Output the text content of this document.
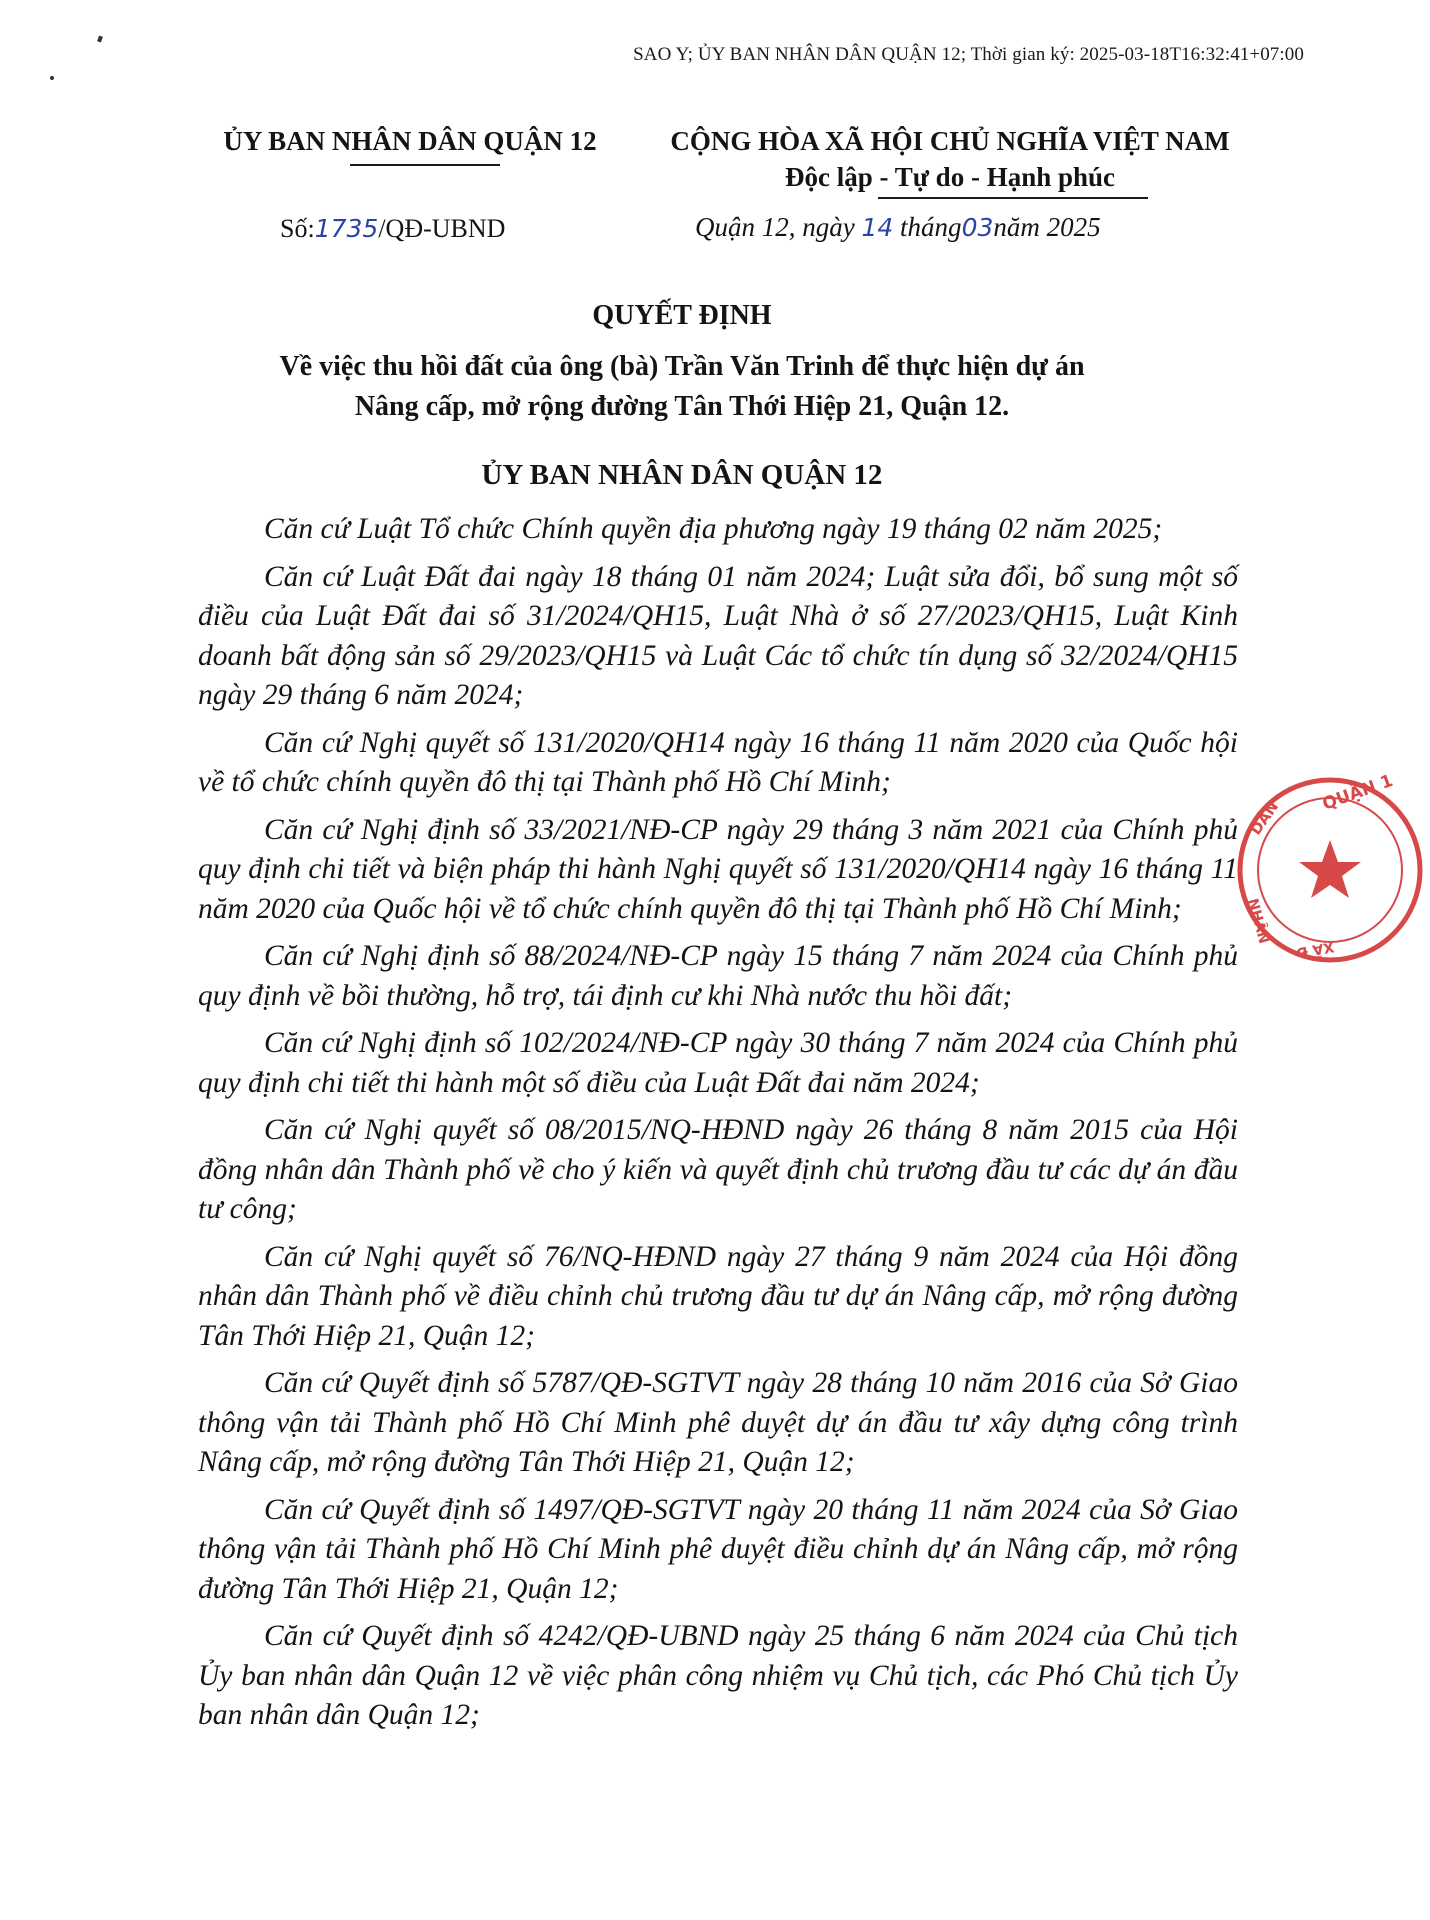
SAO Y; ỦY BAN NHÂN DÂN QUẬN 12; Thời gian ký: 2025-03-18T16:32:41+07:00
ỦY BAN NHÂN DÂN QUẬN 12	CỘNG HÒA XÃ HỘI CHỦ NGHĨA VIỆT NAM
Độc lập - Tự do - Hạnh phúc
Số:1735/QĐ-UBND	Quận 12, ngày 14 tháng03năm 2025
QUYẾT ĐỊNH
Về việc thu hồi đất của ông (bà) Trần Văn Trinh để thực hiện dự án
Nâng cấp, mở rộng đường Tân Thới Hiệp 21, Quận 12.
ỦY BAN NHÂN DÂN QUẬN 12

Căn cứ Luật Tổ chức Chính quyền địa phương ngày 19 tháng 02 năm 2025;

Căn cứ Luật Đất đai ngày 18 tháng 01 năm 2024; Luật sửa đổi, bổ sung một số điều của Luật Đất đai số 31/2024/QH15, Luật Nhà ở số 27/2023/QH15, Luật Kinh doanh bất động sản số 29/2023/QH15 và Luật Các tổ chức tín dụng số 32/2024/QH15 ngày 29 tháng 6 năm 2024;

Căn cứ Nghị quyết số 131/2020/QH14 ngày 16 tháng 11 năm 2020 của Quốc hội về tổ chức chính quyền đô thị tại Thành phố Hồ Chí Minh;

Căn cứ Nghị định số 33/2021/NĐ-CP ngày 29 tháng 3 năm 2021 của Chính phủ quy định chi tiết và biện pháp thi hành Nghị quyết số 131/2020/QH14 ngày 16 tháng 11 năm 2020 của Quốc hội về tổ chức chính quyền đô thị tại Thành phố Hồ Chí Minh;

Căn cứ Nghị định số 88/2024/NĐ-CP ngày 15 tháng 7 năm 2024 của Chính phủ quy định về bồi thường, hỗ trợ, tái định cư khi Nhà nước thu hồi đất;

Căn cứ Nghị định số 102/2024/NĐ-CP ngày 30 tháng 7 năm 2024 của Chính phủ quy định chi tiết thi hành một số điều của Luật Đất đai năm 2024;

Căn cứ Nghị quyết số 08/2015/NQ-HĐND ngày 26 tháng 8 năm 2015 của Hội đồng nhân dân Thành phố về cho ý kiến và quyết định chủ trương đầu tư các dự án đầu tư công;

Căn cứ Nghị quyết số 76/NQ-HĐND ngày 27 tháng 9 năm 2024 của Hội đồng nhân dân Thành phố về điều chỉnh chủ trương đầu tư dự án Nâng cấp, mở rộng đường Tân Thới Hiệp 21, Quận 12;

Căn cứ Quyết định số 5787/QĐ-SGTVT ngày 28 tháng 10 năm 2016 của Sở Giao thông vận tải Thành phố Hồ Chí Minh phê duyệt dự án đầu tư xây dựng công trình Nâng cấp, mở rộng đường Tân Thới Hiệp 21, Quận 12;

Căn cứ Quyết định số 1497/QĐ-SGTVT ngày 20 tháng 11 năm 2024 của Sở Giao thông vận tải Thành phố Hồ Chí Minh phê duyệt điều chỉnh dự án Nâng cấp, mở rộng đường Tân Thới Hiệp 21, Quận 12;

Căn cứ Quyết định số 4242/QĐ-UBND ngày 25 tháng 6 năm 2024 của Chủ tịch Ủy ban nhân dân Quận 12 về việc phân công nhiệm vụ Chủ tịch, các Phó Chủ tịch Ủy ban nhân dân Quận 12;

QUẬN 1
DÂN
NHÂN
XÃ Đ
